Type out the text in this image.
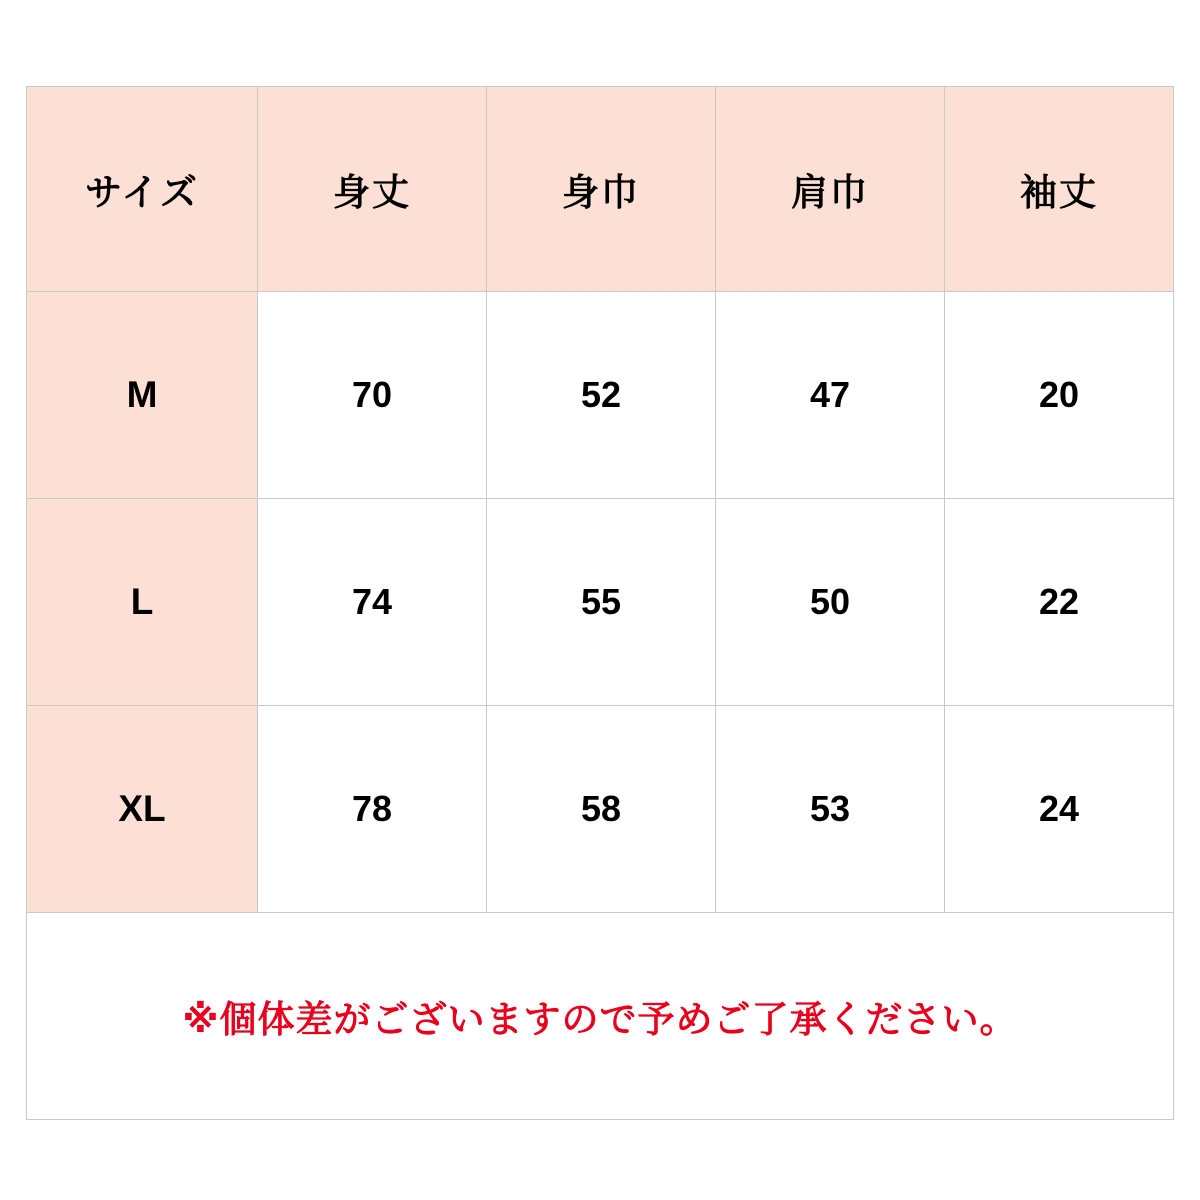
サイズ	身丈	身巾	肩巾	袖丈
M	70	52	47	20
L	74	55	50	22
XL	78	58	53	24
※個体差がございますので予めご了承ください。				
